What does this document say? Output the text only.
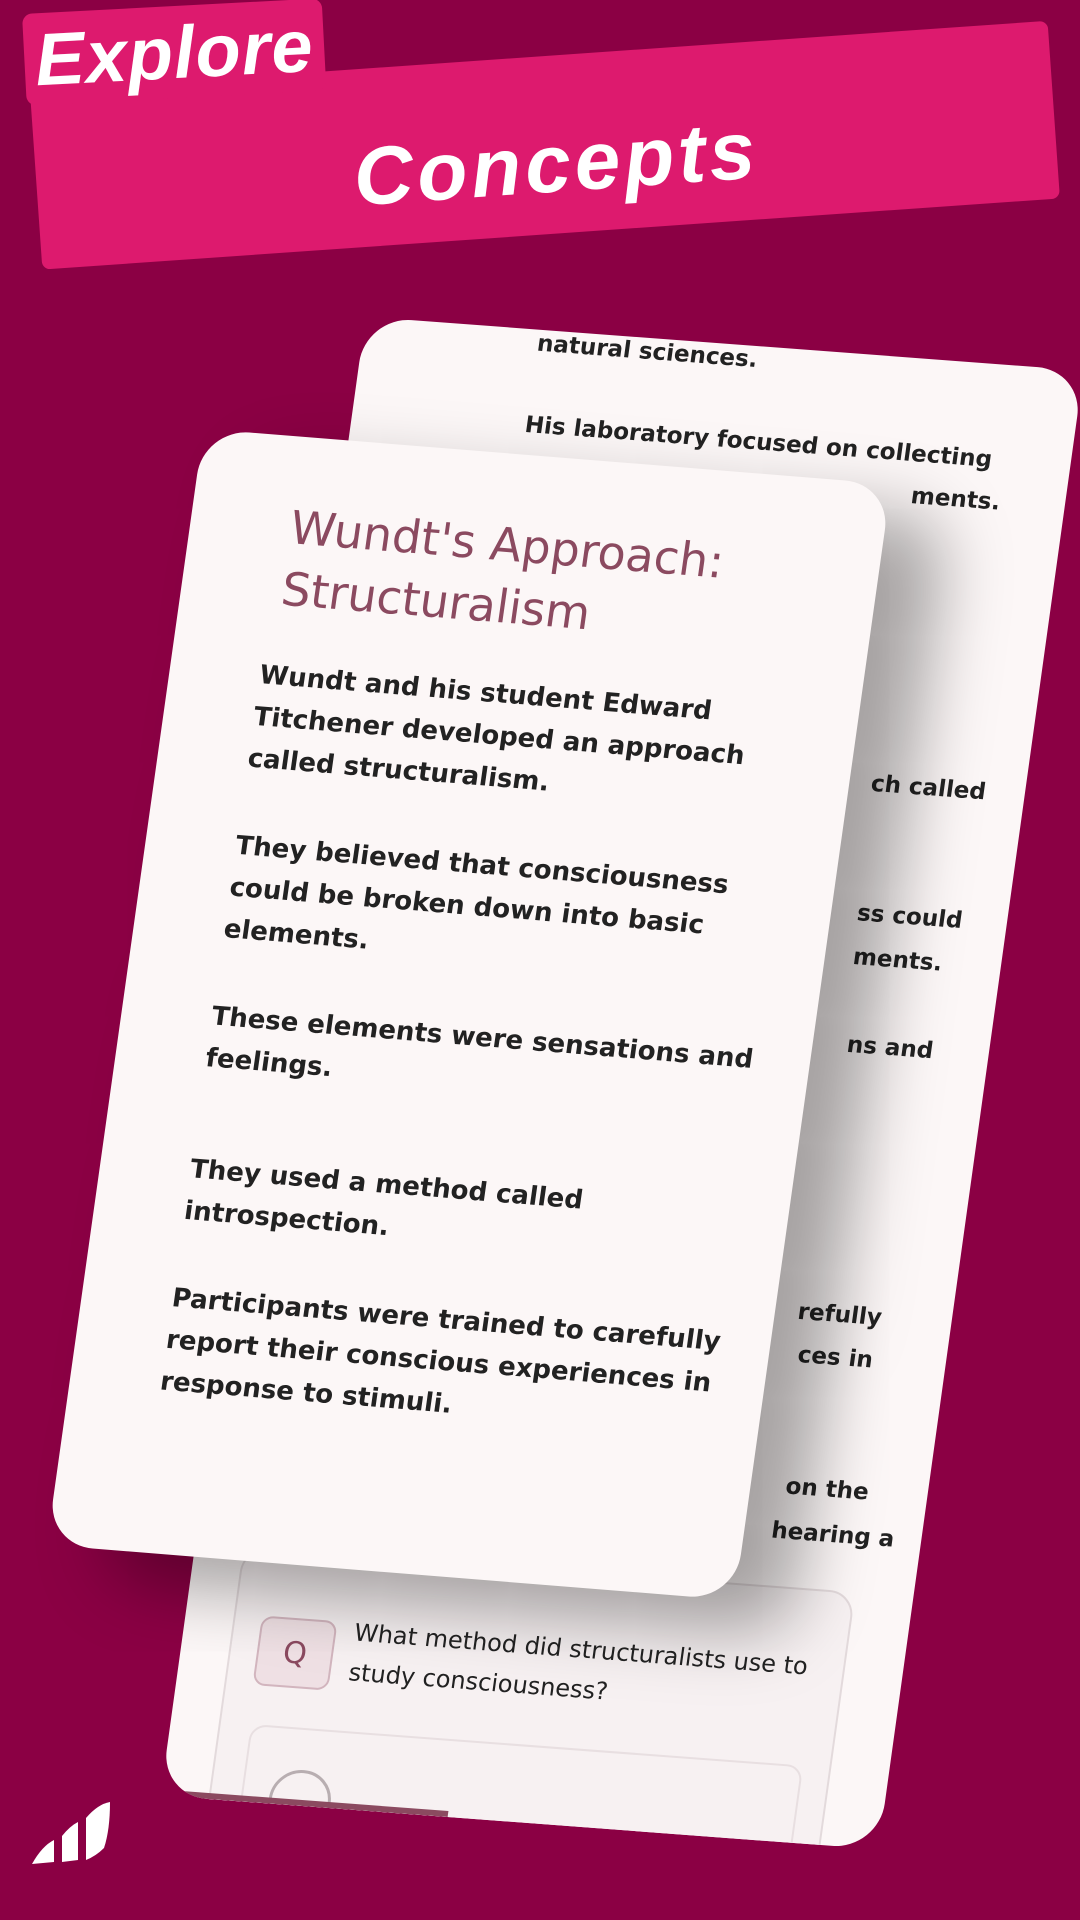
Explore
Concepts
natural sciences.
His laboratory focused on collecting
ments.
ch called
ss could
ments.
ns and
refully
ces in
on the
hearing a
Q	What method did structuralists use to study consciousness?
Wundt's Approach: Structuralism

Wundt and his student Edward Titchener developed an approach called structuralism.

They believed that consciousness could be broken down into basic elements.

These elements were sensations and feelings.

They used a method called introspection.

Participants were trained to carefully report their conscious experiences in response to stimuli.
